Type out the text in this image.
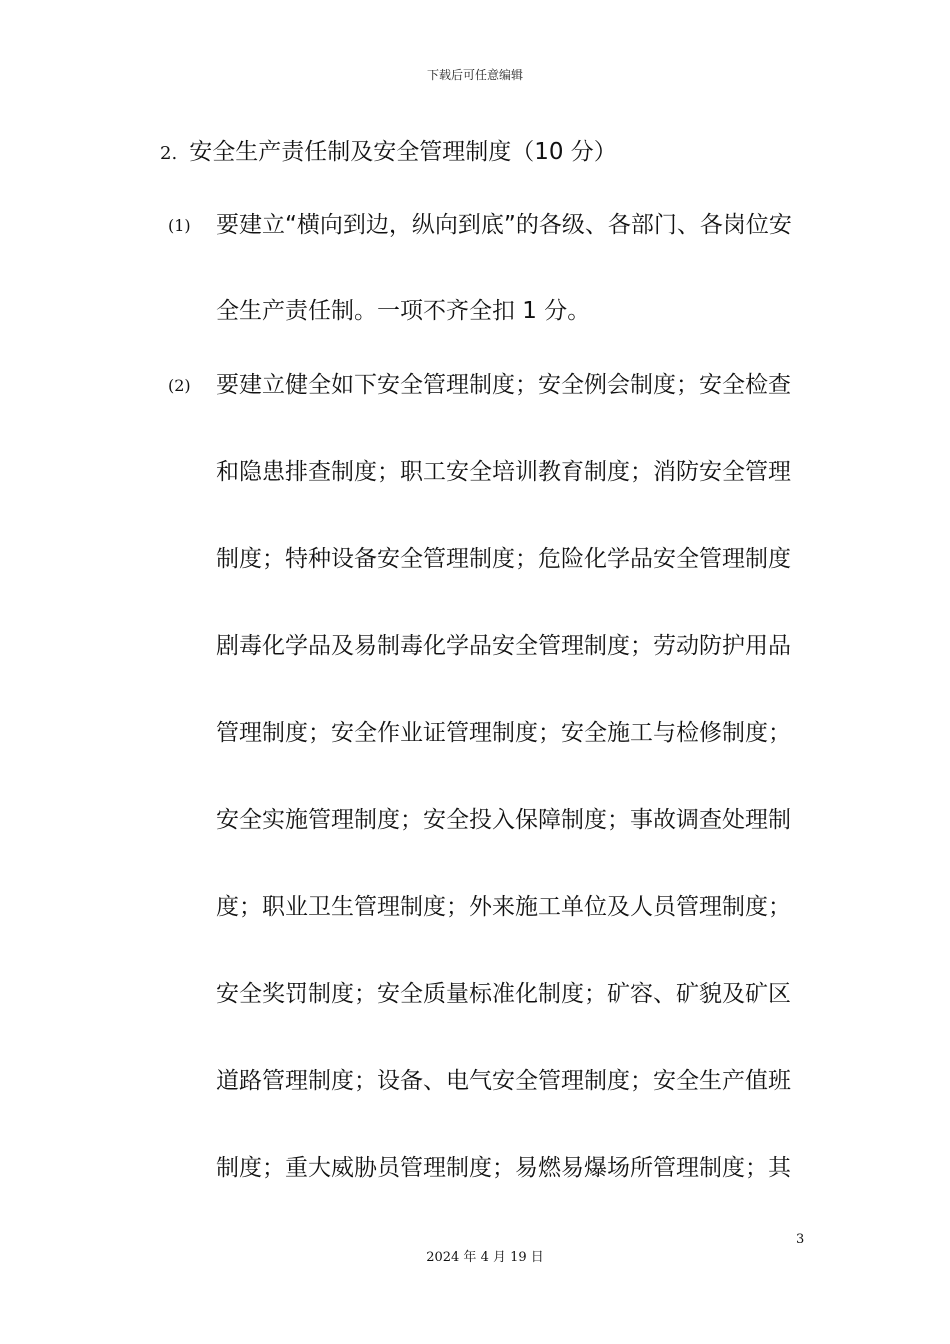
下载后可任意编辑
2. 安全生产责任制及安全管理制度（10 分）
(1) 要建立“横向到边，纵向到底”的各级、各部门、各岗位安
全生产责任制。一项不齐全扣 1 分。
(2) 要建立健全如下安全管理制度；安全例会制度；安全检查
和隐患排查制度；职工安全培训教育制度；消防安全管理
制度；特种设备安全管理制度；危险化学品安全管理制度
剧毒化学品及易制毒化学品安全管理制度；劳动防护用品
管理制度；安全作业证管理制度；安全施工与检修制度；
安全实施管理制度；安全投入保障制度；事故调查处理制
度；职业卫生管理制度；外来施工单位及人员管理制度；
安全奖罚制度；安全质量标准化制度；矿容、矿貌及矿区
道路管理制度；设备、电气安全管理制度；安全生产值班
制度；重大威胁员管理制度；易燃易爆场所管理制度；其
3
2024 年 4 月 19 日
